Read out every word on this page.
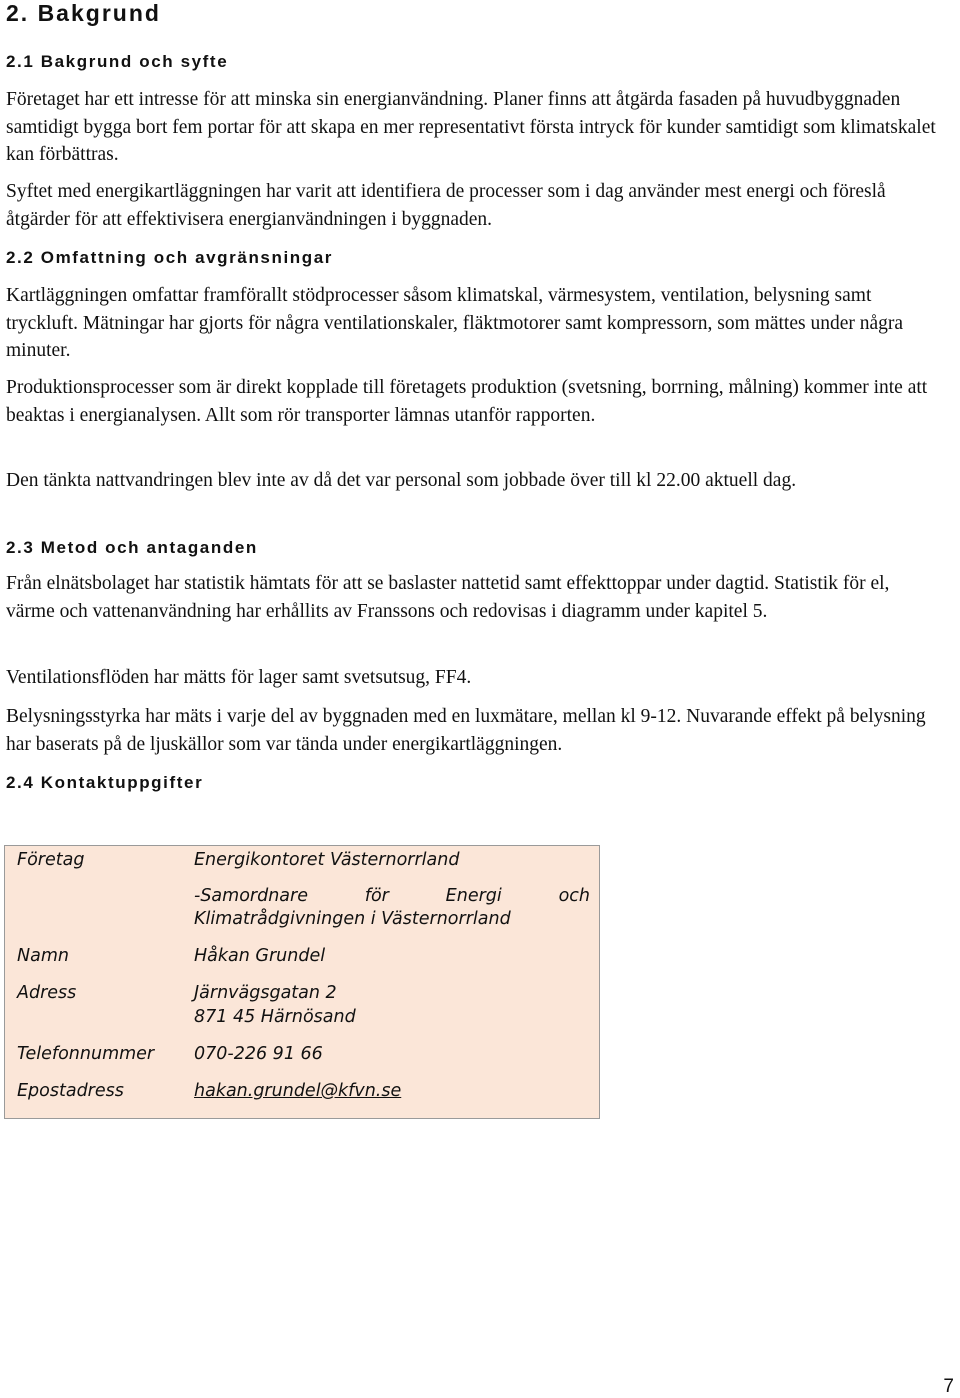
2. Bakgrund
2.1 Bakgrund och syfte

Företaget har ett intresse för att minska sin energianvändning. Planer finns att åtgärda fasaden på huvudbyggnaden samtidigt bygga bort fem portar för att skapa en mer representativt första intryck för kunder samtidigt som klimatskalet kan förbättras.

Syftet med energikartläggningen har varit att identifiera de processer som i dag använder mest energi och föreslå åtgärder för att effektivisera energianvändningen i byggnaden.

2.2 Omfattning och avgränsningar

Kartläggningen omfattar framförallt stödprocesser såsom klimatskal, värmesystem, ventilation, belysning samt tryckluft. Mätningar har gjorts för några ventilationskaler, fläktmotorer samt kompressorn, som mättes under några minuter.

Produktionsprocesser som är direkt kopplade till företagets produktion (svetsning, borrning, målning) kommer inte att beaktas i energianalysen. Allt som rör transporter lämnas utanför rapporten.

Den tänkta nattvandringen blev inte av då det var personal som jobbade över till kl 22.00 aktuell dag.

2.3 Metod och antaganden

Från elnätsbolaget har statistik hämtats för att se baslaster nattetid samt effekttoppar under dagtid. Statistik för el, värme och vattenanvändning har erhållits av Franssons och redovisas i diagramm under kapitel 5.

Ventilationsflöden har mätts för lager samt svetsutsug, FF4.

Belysningsstyrka har mäts i varje del av byggnaden med en luxmätare, mellan kl 9-12. Nuvarande effekt på belysning har baserats på de ljuskällor som var tända under energikartläggningen.

2.4 Kontaktuppgifter
Företag	Energikontoret Västernorrland
-Samordnare för Energi och
Klimatrådgivningen i Västernorrland
Namn	Håkan Grundel
Adress	Järnvägsgatan 2
871 45 Härnösand
Telefonnummer 070-226 91 66
Epostadress	hakan.grundel@kfvn.se
7
